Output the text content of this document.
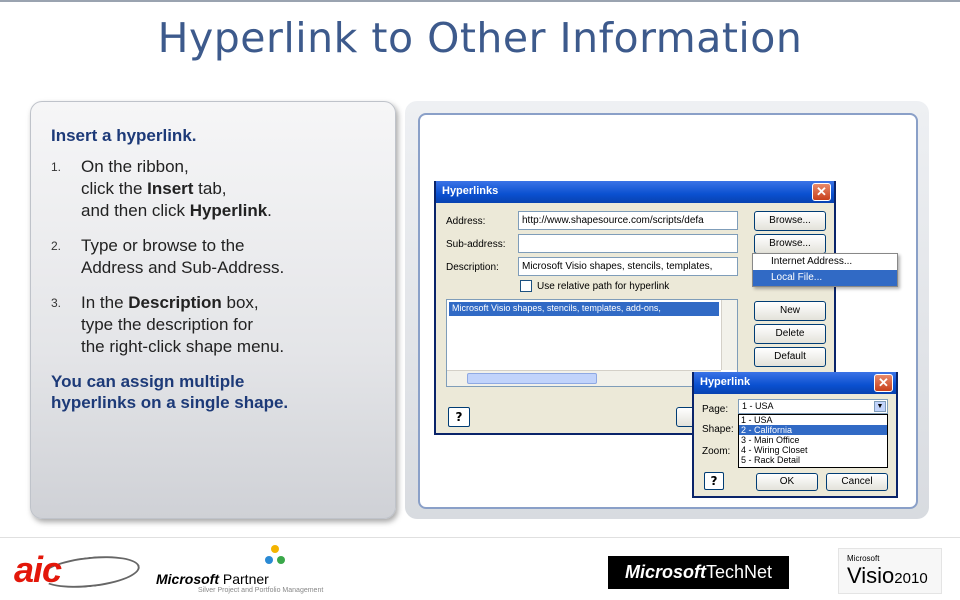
Hyperlink to Other Information
Insert a hyperlink.
1.	On the ribbon,
click the Insert tab,
and then click Hyperlink.
2.	Type or browse to the
Address and Sub-Address.
3.	In the Description box,
type the description for
the right-click shape menu.
You can assign multiple
hyperlinks on a single shape.
Hyperlinks	✕
Address:	http://www.shapesource.com/scripts/defa	Browse...
Sub-address:	Browse...
Description:	Microsoft Visio shapes, stencils, templates,
Use relative path for hyperlink
Microsoft Visio shapes, stencils, templates, add-ons,	New
Delete
Default
?
Internet Address...
Local File...
Hyperlink	✕
Page:	1 - USA	▼
Shape:
Zoom:
1 - USA
2 - California
3 - Main Office
4 - Wiring Closet
5 - Rack Detail
?	OK	Cancel
aic	Microsoft Partner
Silver Project and Portfolio Management
MicrosoftTechNet
Microsoft
Visio2010
